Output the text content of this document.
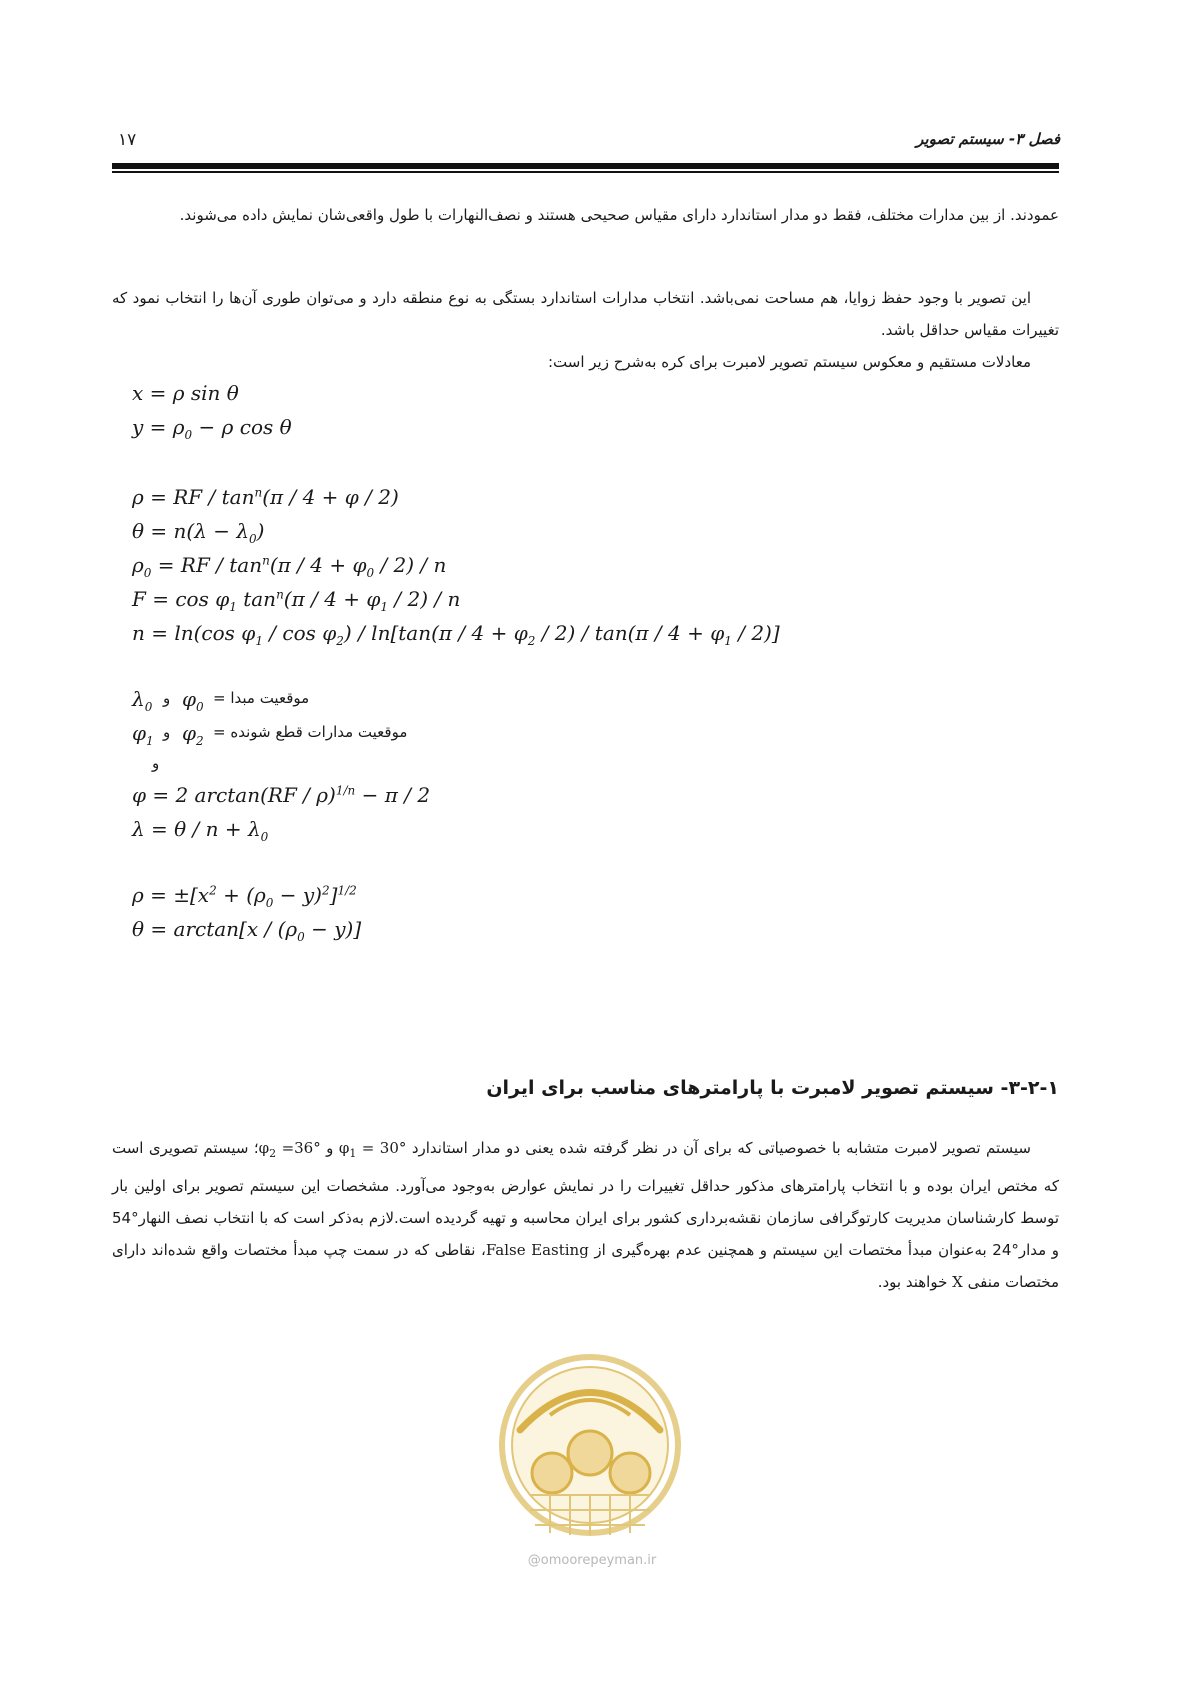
فصل ۳- سیستم تصویر
۱۷
عمودند. از بین مدارات مختلف، فقط دو مدار استاندارد دارای مقیاس صحیحی هستند و نصف‌النهارات با طول واقعی‌شان نمایش داده می‌شوند.
این تصویر با وجود حفظ زوایا، هم مساحت نمی‌باشد. انتخاب مدارات استاندارد بستگی به نوع منطقه دارد و می‌توان طوری آن‌ها را انتخاب نمود که تغییرات مقیاس حداقل باشد.
معادلات مستقیم و معکوس سیستم تصویر لامبرت برای کره به‌شرح زیر است:
x = ρ sin θ
$y = \rho_0 - \rho$ cos θ
ρ = RF / $\tan^n(\pi / 4 + \varphi / 2)$
$\theta = n(\lambda - \lambda_0)$
$\rho_0$ = RF / $\tan^n(\pi / 4 + \varphi_0 / 2) / n$
$F = \cos \varphi_1$ $\tan^n(\pi / 4 + \varphi_1 / 2) / n$
n = ln(cos $\varphi_1 / \cos \varphi_2) / \ln[\tan(\pi / 4 + \varphi_2 / 2) / \tan(\pi / 4 + \varphi_1 / 2)]$
$\lambda_0$ و $\varphi_0$ موقعیت مبدا =
$\varphi_1$ و $\varphi_2$ موقعیت مدارات قطع شونده =
و
φ = 2 arctan(RF / ρ)$^{1/n}$ − π / 2
$\lambda = \theta / n + \lambda_0$
$\rho = \pm[x^2 + (\rho_0 - y)^2]^{1/2}$
$\theta = \arctan[x / (\rho_0 - y)]$
۳-۲-۱- سیستم تصویر لامبرت با پارامترهای مناسب برای ایران
سیستم تصویر لامبرت متشابه با خصوصیاتی که برای آن در نظر گرفته شده یعنی دو مدار استاندارد $\varphi_1 = 30^\circ$ و $\varphi_2$ =36°؛ سیستم تصویری است که مختص ایران بوده و با انتخاب پارامترهای مذکور حداقل تغییرات را در نمایش عوارض به‌وجود می‌آورد. مشخصات این سیستم تصویر برای اولین بار توسط کارشناسان مدیریت کارتوگرافی سازمان نقشه‌برداری کشور برای ایران محاسبه و تهیه گردیده است.لازم به‌ذکر است که با انتخاب نصف النهار°54 و مدار°24 به‌عنوان مبدأ مختصات این سیستم و همچنین عدم بهره‌گیری از False Easting، نقاطی که در سمت چپ مبدأ مختصات واقع شده‌اند دارای مختصات منفی X خواهند بود.
@omoorepeyman.ir
